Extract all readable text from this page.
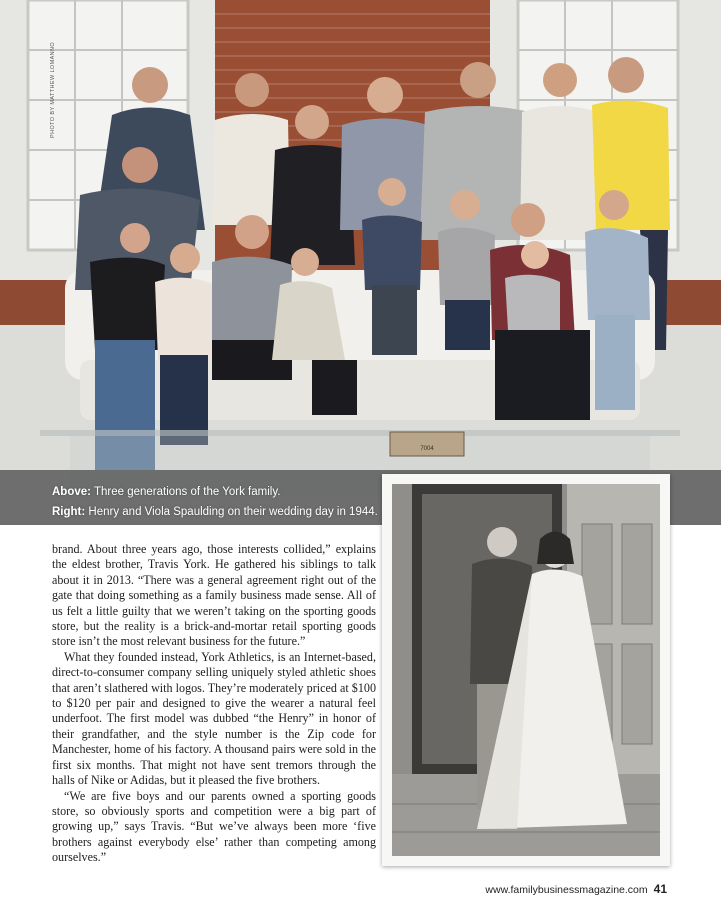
7004
PHOTO BY MATTHEW LOMANNO
Above: Three generations of the York family.
Right: Henry and Viola Spaulding on their wedding day in 1944.

brand. About three years ago, those interests collided,” explains the eldest brother, Travis York. He gathered his siblings to talk about it in 2013. “There was a general agreement right out of the gate that doing something as a family business made sense. All of us felt a little guilty that we weren’t taking on the sporting goods store, but the reality is a brick-and-mortar retail sporting goods store isn’t the most relevant business for the future.”

What they founded instead, York Athletics, is an Internet-based, direct-to-consumer company selling uniquely styled athletic shoes that aren’t slathered with logos. They’re moderately priced at $100 to $120 per pair and designed to give the wearer a natural feel underfoot. The first model was dubbed “the Henry” in honor of their grandfather, and the style number is the Zip code for Manchester, home of his factory. A thousand pairs were sold in the first six months. That might not have sent tremors through the halls of Nike or Adidas, but it pleased the five brothers.

“We are five boys and our parents owned a sporting goods store, so obviously sports and competition were a big part of growing up,” says Travis. “But we’ve always been more ‘five brothers against everybody else’ rather than competing among ourselves.”

www.familybusinessmagazine.com 41
